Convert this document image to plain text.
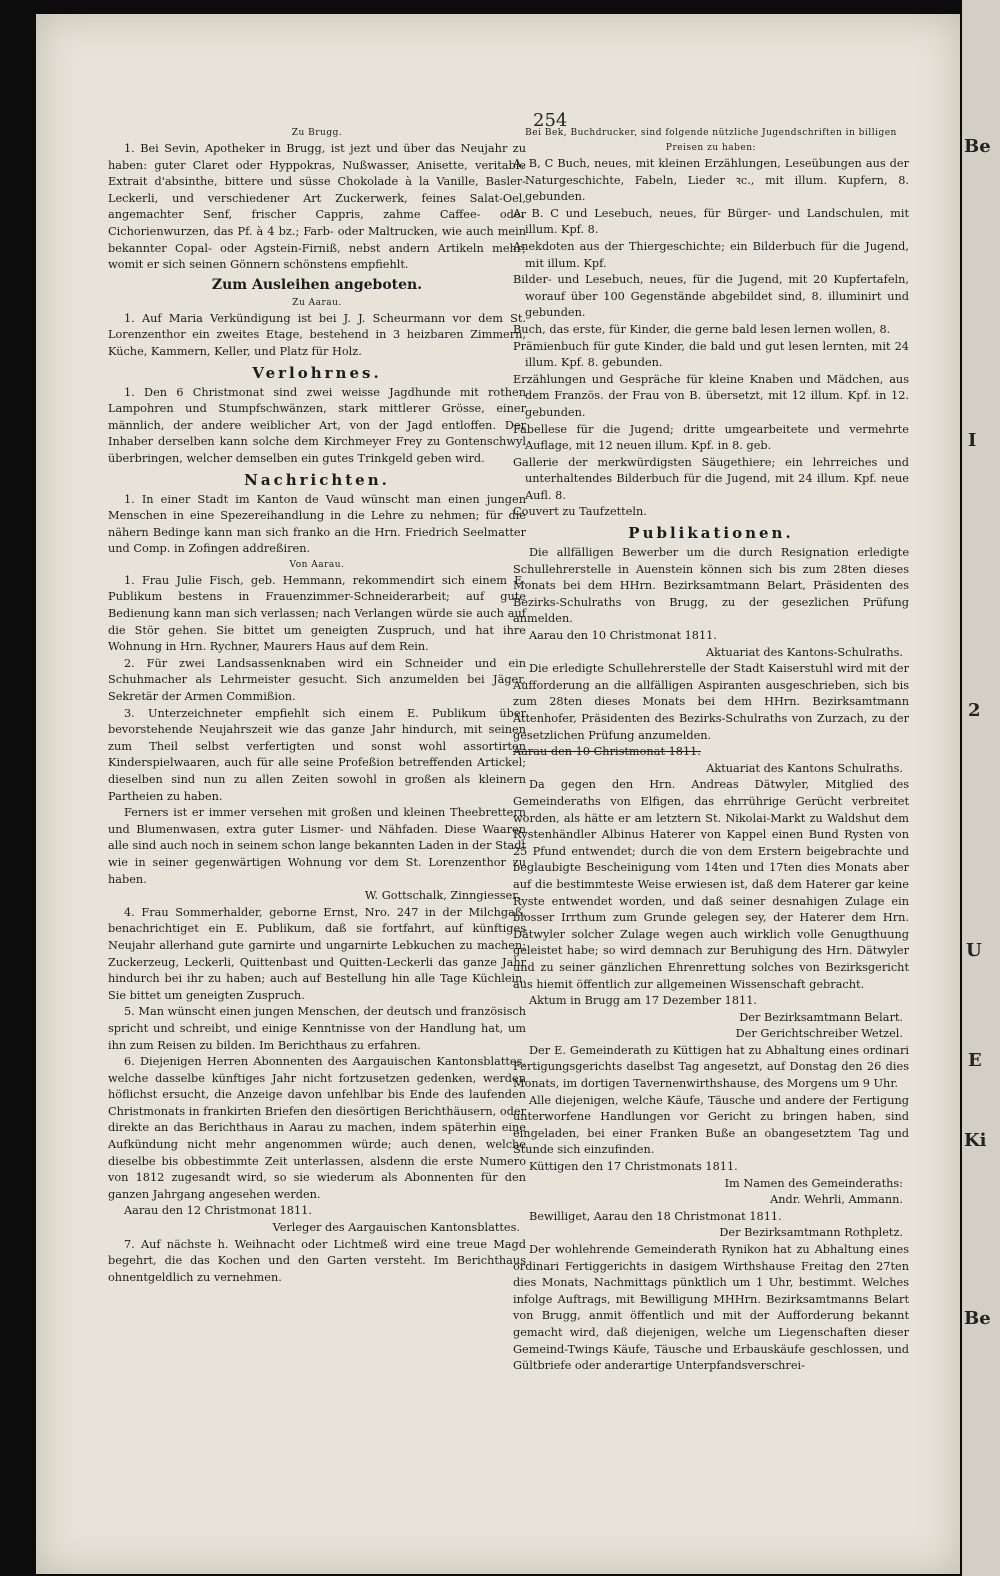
Be
Be
2
I
E
U
Ki
254

Zu Brugg.

1. Bei Sevin, Apotheker in Brugg, ist jezt und über das Neujahr zu haben: guter Claret oder Hyppokras, Nußwasser, Anisette, veritable Extrait d'absinthe, bittere und süsse Chokolade à la Vanille, Basler-Leckerli, und verschiedener Art Zuckerwerk, feines Salat-Oel, angemachter Senf, frischer Cappris, zahme Caffee- oder Cichorienwurzen, das Pf. à 4 bz.; Farb- oder Maltrucken, wie auch mein bekannter Copal- oder Agstein-Firniß, nebst andern Artikeln mehr; womit er sich seinen Gönnern schönstens empfiehlt.

Zum Ausleihen angeboten.

Zu Aarau.

1. Auf Maria Verkündigung ist bei J. J. Scheurmann vor dem St. Lorenzenthor ein zweites Etage, bestehend in 3 heizbaren Zimmern, Küche, Kammern, Keller, und Platz für Holz.

Verlohrnes.

1. Den 6 Christmonat sind zwei weisse Jagdhunde mit rothen Lampohren und Stumpfschwänzen, stark mittlerer Grösse, einer männlich, der andere weiblicher Art, von der Jagd entloffen. Der Inhaber derselben kann solche dem Kirchmeyer Frey zu Gontenschwyl überbringen, welcher demselben ein gutes Trinkgeld geben wird.

Nachrichten.

1. In einer Stadt im Kanton de Vaud wünscht man einen jungen Menschen in eine Spezereihandlung in die Lehre zu nehmen; für die nähern Bedinge kann man sich franko an die Hrn. Friedrich Seelmatter und Comp. in Zofingen addreßiren.

Von Aarau.

1. Frau Julie Fisch, geb. Hemmann, rekommendirt sich einem E. Publikum bestens in Frauenzimmer-Schneiderarbeit; auf gute Bedienung kann man sich verlassen; nach Verlangen würde sie auch auf die Stör gehen. Sie bittet um geneigten Zuspruch, und hat ihre Wohnung in Hrn. Rychner, Maurers Haus auf dem Rein.

2. Für zwei Landsassenknaben wird ein Schneider und ein Schuhmacher als Lehrmeister gesucht. Sich anzumelden bei Jäger, Sekretär der Armen Commißion.

3. Unterzeichneter empfiehlt sich einem E. Publikum über bevorstehende Neujahrszeit wie das ganze Jahr hindurch, mit seinen zum Theil selbst verfertigten und sonst wohl assortirten Kinderspielwaaren, auch für alle seine Profeßion betreffenden Artickel; dieselben sind nun zu allen Zeiten sowohl in großen als kleinern Partheien zu haben.

Ferners ist er immer versehen mit großen und kleinen Theebrettern und Blumenwasen, extra guter Lismer- und Nähfaden. Diese Waaren alle sind auch noch in seinem schon lange bekannten Laden in der Stadt wie in seiner gegenwärtigen Wohnung vor dem St. Lorenzenthor zu haben.

W. Gottschalk, Zinngiesser.

4. Frau Sommerhalder, geborne Ernst, Nro. 247 in der Milchgaß, benachrichtiget ein E. Publikum, daß sie fortfahrt, auf künftiges Neujahr allerhand gute garnirte und ungarnirte Lebkuchen zu machen; Zuckerzeug, Leckerli, Quittenbast und Quitten-Leckerli das ganze Jahr hindurch bei ihr zu haben; auch auf Bestellung hin alle Tage Küchlein. Sie bittet um geneigten Zuspruch.

5. Man wünscht einen jungen Menschen, der deutsch und französisch spricht und schreibt, und einige Kenntnisse von der Handlung hat, um ihn zum Reisen zu bilden. Im Berichthaus zu erfahren.

6. Diejenigen Herren Abonnenten des Aargauischen Kantonsblattes, welche dasselbe künftiges Jahr nicht fortzusetzen gedenken, werden höflichst ersucht, die Anzeige davon unfehlbar bis Ende des laufenden Christmonats in frankirten Briefen den diesörtigen Berichthäusern, oder direkte an das Berichthaus in Aarau zu machen, indem späterhin eine Aufkündung nicht mehr angenommen würde; auch denen, welche dieselbe bis obbestimmte Zeit unterlassen, alsdenn die erste Numero von 1812 zugesandt wird, so sie wiederum als Abonnenten für den ganzen Jahrgang angesehen werden.

Aarau den 12 Christmonat 1811.

Verleger des Aargauischen Kantonsblattes.

7. Auf nächste h. Weihnacht oder Lichtmeß wird eine treue Magd begehrt, die das Kochen und den Garten versteht. Im Berichthaus ohnentgeldlich zu vernehmen.

Bei Bek, Buchdrucker, sind folgende nützliche Jugendschriften in billigen Preisen zu haben:

A, B, C Buch, neues, mit kleinen Erzählungen, Leseübungen aus der Naturgeschichte, Fabeln, Lieder ꝛc., mit illum. Kupfern, 8. gebunden.

A. B. C und Lesebuch, neues, für Bürger- und Landschulen, mit illum. Kpf. 8.

Anekdoten aus der Thiergeschichte; ein Bilderbuch für die Jugend, mit illum. Kpf.

Bilder- und Lesebuch, neues, für die Jugend, mit 20 Kupfertafeln, worauf über 100 Gegenstände abgebildet sind, 8. illuminirt und gebunden.

Buch, das erste, für Kinder, die gerne bald lesen lernen wollen, 8.

Prämienbuch für gute Kinder, die bald und gut lesen lernten, mit 24 illum. Kpf. 8. gebunden.

Erzählungen und Gespräche für kleine Knaben und Mädchen, aus dem Französ. der Frau von B. übersetzt, mit 12 illum. Kpf. in 12. gebunden.

Fabellese für die Jugend; dritte umgearbeitete und vermehrte Auflage, mit 12 neuen illum. Kpf. in 8. geb.

Gallerie der merkwürdigsten Säugethiere; ein lehrreiches und unterhaltendes Bilderbuch für die Jugend, mit 24 illum. Kpf. neue Aufl. 8.

Couvert zu Taufzetteln.

Publikationen.

Die allfälligen Bewerber um die durch Resignation erledigte Schullehrerstelle in Auenstein können sich bis zum 28ten dieses Monats bei dem HHrn. Bezirksamtmann Belart, Präsidenten des Bezirks-Schulraths von Brugg, zu der gesezlichen Prüfung anmelden.

Aarau den 10 Christmonat 1811.

Aktuariat des Kantons-Schulraths.

Die erledigte Schullehrerstelle der Stadt Kaiserstuhl wird mit der Aufforderung an die allfälligen Aspiranten ausgeschrieben, sich bis zum 28ten dieses Monats bei dem HHrn. Bezirksamtmann Attenhofer, Präsidenten des Bezirks-Schulraths von Zurzach, zu der gesetzlichen Prüfung anzumelden.

Aarau den 10 Christmonat 1811.

Aktuariat des Kantons Schulraths.

Da gegen den Hrn. Andreas Dätwyler, Mitglied des Gemeinderaths von Elfigen, das ehrrührige Gerücht verbreitet worden, als hätte er am letztern St. Nikolai-Markt zu Waldshut dem Rystenhändler Albinus Haterer von Kappel einen Bund Rysten von 25 Pfund entwendet; durch die von dem Erstern beigebrachte und beglaubigte Bescheinigung vom 14ten und 17ten dies Monats aber auf die bestimmteste Weise erwiesen ist, daß dem Haterer gar keine Ryste entwendet worden, und daß seiner desnahigen Zulage ein blosser Irrthum zum Grunde gelegen sey, der Haterer dem Hrn. Dätwyler solcher Zulage wegen auch wirklich volle Genugthuung geleistet habe; so wird demnach zur Beruhigung des Hrn. Dätwyler und zu seiner gänzlichen Ehrenrettung solches von Bezirksgericht aus hiemit öffentlich zur allgemeinen Wissenschaft gebracht.

Aktum in Brugg am 17 Dezember 1811.

Der Bezirksamtmann Belart.

Der Gerichtschreiber Wetzel.

Der E. Gemeinderath zu Küttigen hat zu Abhaltung eines ordinari Fertigungsgerichts daselbst Tag angesetzt, auf Donstag den 26 dies Monats, im dortigen Tavernenwirthshause, des Morgens um 9 Uhr.

Alle diejenigen, welche Käufe, Täusche und andere der Fertigung unterworfene Handlungen vor Gericht zu bringen haben, sind eingeladen, bei einer Franken Buße an obangesetztem Tag und Stunde sich einzufinden.

Küttigen den 17 Christmonats 1811.

Im Namen des Gemeinderaths:

Andr. Wehrli, Ammann.

Bewilliget, Aarau den 18 Christmonat 1811.

Der Bezirksamtmann Rothpletz.

Der wohlehrende Gemeinderath Rynikon hat zu Abhaltung eines ordinari Fertiggerichts in dasigem Wirthshause Freitag den 27ten dies Monats, Nachmittags pünktlich um 1 Uhr, bestimmt. Welches infolge Auftrags, mit Bewilligung MHHrn. Bezirksamtmanns Belart von Brugg, anmit öffentlich und mit der Aufforderung bekannt gemacht wird, daß diejenigen, welche um Liegenschaften dieser Gemeind-Twings Käufe, Täusche und Erbauskäufe geschlossen, und Gültbriefe oder anderartige Unterpfandsverschrei-
